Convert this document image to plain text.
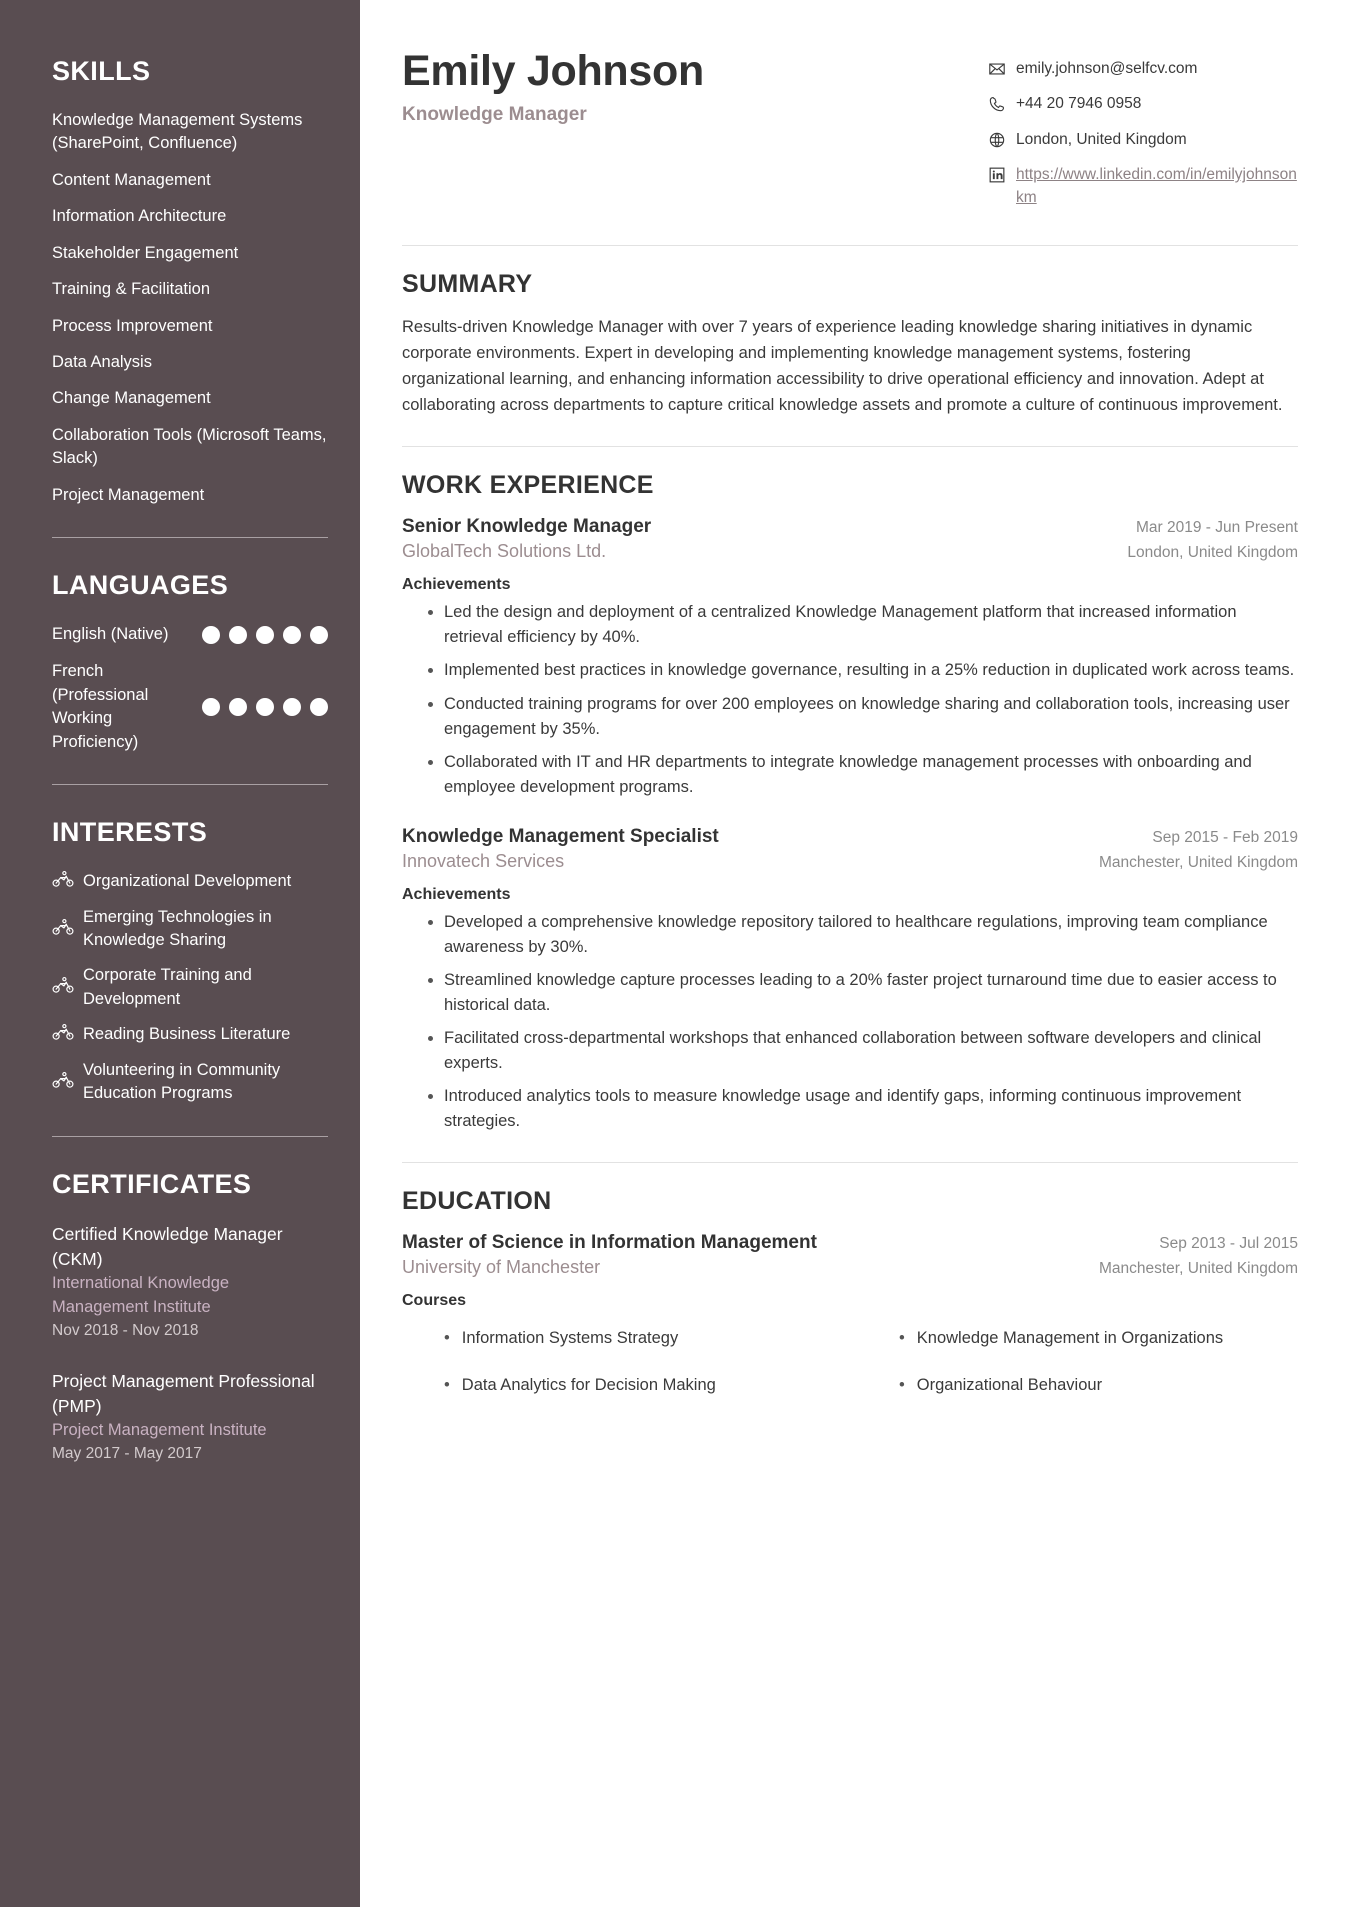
SKILLS
Knowledge Management Systems (SharePoint, Confluence)
Content Management
Information Architecture
Stakeholder Engagement
Training & Facilitation
Process Improvement
Data Analysis
Change Management
Collaboration Tools (Microsoft Teams, Slack)
Project Management
LANGUAGES
English (Native)
French (Professional Working Proficiency)
INTERESTS
Organizational Development
Emerging Technologies in Knowledge Sharing
Corporate Training and Development
Reading Business Literature
Volunteering in Community Education Programs
CERTIFICATES
Certified Knowledge Manager (CKM)
International Knowledge Management Institute
Nov 2018 - Nov 2018
Project Management Professional (PMP)
Project Management Institute
May 2017 - May 2017
Emily Johnson
Knowledge Manager
emily.johnson@selfcv.com
+44 20 7946 0958
London, United Kingdom
https://www.linkedin.com/in/emilyjohnsonkm
SUMMARY

Results-driven Knowledge Manager with over 7 years of experience leading knowledge sharing initiatives in dynamic corporate environments. Expert in developing and implementing knowledge management systems, fostering organizational learning, and enhancing information accessibility to drive operational efficiency and innovation. Adept at collaborating across departments to capture critical knowledge assets and promote a culture of continuous improvement.

WORK EXPERIENCE
Senior Knowledge Manager	Mar 2019 - Jun Present
GlobalTech Solutions Ltd.	London, United Kingdom
Achievements
• Led the design and deployment of a centralized Knowledge Management platform that increased information retrieval efficiency by 40%.
• Implemented best practices in knowledge governance, resulting in a 25% reduction in duplicated work across teams.
• Conducted training programs for over 200 employees on knowledge sharing and collaboration tools, increasing user engagement by 35%.
• Collaborated with IT and HR departments to integrate knowledge management processes with onboarding and employee development programs.
Knowledge Management Specialist	Sep 2015 - Feb 2019
Innovatech Services	Manchester, United Kingdom
Achievements
• Developed a comprehensive knowledge repository tailored to healthcare regulations, improving team compliance awareness by 30%.
• Streamlined knowledge capture processes leading to a 20% faster project turnaround time due to easier access to historical data.
• Facilitated cross-departmental workshops that enhanced collaboration between software developers and clinical experts.
• Introduced analytics tools to measure knowledge usage and identify gaps, informing continuous improvement strategies.
EDUCATION
Master of Science in Information Management	Sep 2013 - Jul 2015
University of Manchester	Manchester, United Kingdom
Courses
• Information Systems Strategy	• Knowledge Management in Organizations
• Data Analytics for Decision Making	• Organizational Behaviour
